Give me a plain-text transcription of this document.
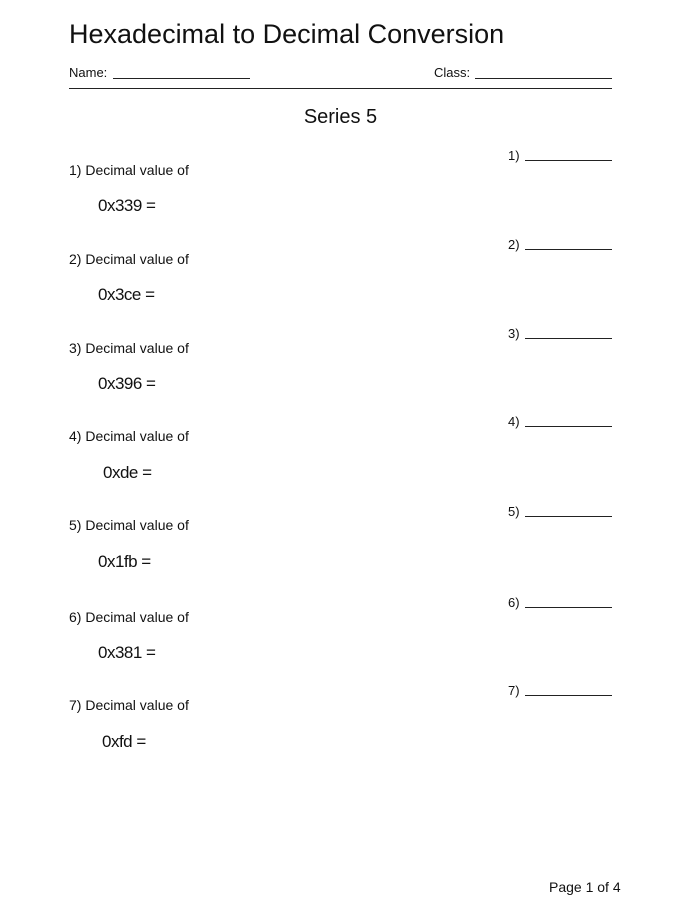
Hexadecimal to Decimal Conversion
Name:	Class:
Series 5
1)
1) Decimal value of
0x339 =
2)
2) Decimal value of
0x3ce =
3)
3) Decimal value of
0x396 =
4)
4) Decimal value of
0xde =
5)
5) Decimal value of
0x1fb =
6)
6) Decimal value of
0x381 =
7)
7) Decimal value of
0xfd =
Page 1 of 4
